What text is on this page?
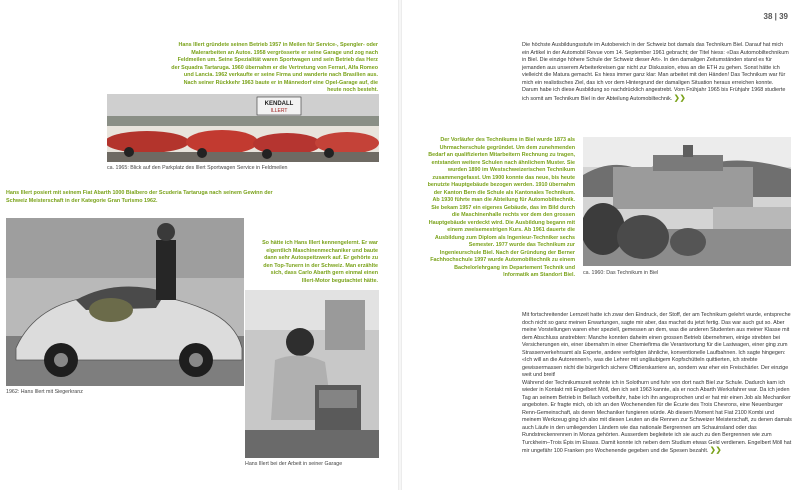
38 | 39

Hans Illert gründete seinen Betrieb 1957 in Meilen für Service-, Spengler- oder Malerarbeiten an Autos. 1958 vergrösserte er seine Garage und zog nach Feldmeilen um. Seine Spezialität waren Sportwagen und sein Betrieb das Herz der Squadra Tartaruga. 1960 übernahm er die Vertretung von Ferrari, Alfa Romeo und Lancia. 1962 verkaufte er seine Firma und wanderte nach Brasilien aus. Nach seiner Rückkehr 1963 baute er in Männedorf eine Opel-Garage auf, die heute noch besteht.

KENDALL
ILLERT
ca. 1965: Blick auf den Parkplatz des Illert Sportwagen Service in Feldmeilen

Hans Illert posiert mit seinem Fiat Abarth 1000 Bialbero der Scuderia Tartaruga nach seinem Gewinn der Schweiz Meisterschaft in der Kategorie Gran Turismo 1962.

1962: Hans Illert mit Siegerkranz

So hätte ich Hans Illert kennengelernt. Er war eigentlich Maschinenmechaniker und baute dann sehr Autospeitzwerk auf. Er gehörte zu den Top-Tunern in der Schweiz. Man erzählte sich, dass Carlo Abarth gern einmal einen Illert-Motor begutachtet hätte.

Hans Illert bei der Arbeit in seiner Garage

Die höchste Ausbildungsstufe im Autobereich in der Schweiz bot damals das Technikum Biel. Darauf hat mich ein Artikel in der Automobil Revue vom 14. September 1961 gebracht; der Titel hiess: «Das Automobiltechnikum in Biel. Die einzige höhere Schule der Schweiz dieser Art». In den damaligen Zeitumständen stand es für jemanden aus unserem Arbeiterkreisen gar nicht zur Diskussion, etwa an die ETH zu gehen. Sonst hätte ich vielleicht die Matura gemacht. Es hiess immer ganz klar: Man arbeitet mit den Händen! Das Technikum war für mich ein realistisches Ziel, das ich vor dem Hintergrund der damaligen Situation heraus erreichen konnte. Darum habe ich diese Ausbildung so nachdrücklich angestrebt. Vom Frühjahr 1965 bis Frühjahr 1968 studierte ich somit am Technikum Biel in der Abteilung Automobiltechnik. ❯❯

Der Vorläufer des Technikums in Biel wurde 1873 als Uhrmacherschule gegründet. Um dem zunehmenden Bedarf an qualifizierten Mitarbeitern Rechnung zu tragen, entstanden weitere Schulen nach ähnlichem Muster. Sie wurden 1890 im Westschweizerischen Technikum zusammengefasst. Um 1900 konnte das neue, bis heute benutzte Hauptgebäude bezogen werden. 1910 übernahm der Kanton Bern die Schule als Kantonales Technikum. Ab 1930 führte man die Abteilung für Automobiltechnik. Sie bekam 1957 ein eigenes Gebäude, das im Bild durch die Maschinenhalle rechts vor dem den grossen Hauptgebäude verdeckt wird. Die Ausbildung begann mit einem zweisemestrigen Kurs. Ab 1961 dauerte die Ausbildung zum Diplom als Ingenieur-Techniker sechs Semester. 1977 wurde das Technikum zur Ingenieurschule Biel. Nach der Gründung der Berner Fachhochschule 1997 wurde Automobiltechnik zu einem Bachelorlehrgang im Departement Technik und Informatik am Standort Biel. ca. 1960: Das Technikum in Biel

Mit fortschreitender Lernzeit hatte ich zwar den Eindruck, der Stoff, der am Technikum gelehrt wurde, entspreche doch nicht so ganz meinen Erwartungen, sagte mir aber, das machst du jetzt fertig. Das war auch gut so. Aber meine Vorstellungen waren eher speziell, gemessen an dem, was die anderen Studenten aus meiner Klasse mit dem Abschluss anstrebten: Manche konnten daheim einen grossen Betrieb übernehmen, einige strebten bei Versicherungen ein, einer übernahm in einer Chemiefirma die Verantwortung für die Lastwagen, einer ging zum Strassenverkehrsamt als Experte, andere verfolgten ähnliche, konventionelle Laufbahnen. Ich sagte hingegen: «Ich will an die Autorennen!», was die Lehrer mit ungläubigem Kopfschütteln quittierten, ich strebte gewissermassen nicht die bürgerlich sichere Offizierskarriere an, sondern war eher ein Freischärler. Der einzige weit und breit!

Während der Technikumszeit wohnte ich in Solothurn und fuhr von dort nach Biel zur Schule. Dadurch kam ich wieder in Kontakt mit Engelbert Möll, den ich seit 1963 kannte, als er noch Abarth Werksfahrer war. Da ich jeden Tag an seinem Betrieb in Bellach vorbeifuhr, habe ich ihn angesprochen und er hat mir einen Job als Mechaniker angeboten. Er fragte mich, ob ich an den Wochenenden für die Écurie des Trois Chevrons, eine Neuenburger Renn-Gemeinschaft, als deren Mechaniker fungieren würde. Ab diesem Moment hat Fiat 2100 Kombi und meinem Werkzeug ging ich also mit diesen Leuten an die Rennen zur Schweizer Meisterschaft, zu denen damals auch Läufe in den umliegenden Ländern wie das nationale Bergrennen am Schauinsland oder das Rundstreckenrennen in Monza gehörten. Ausserdem begleitete ich sie auch zu den Bergrennen wie zum Turckheim–Trois Épis im Elsass. Damit konnte ich neben dem Studium etwas Geld verdienen. Engelbert Möll hat mir ungefähr 100 Franken pro Wochenende gegeben und die Spesen bezahlt. ❯❯
